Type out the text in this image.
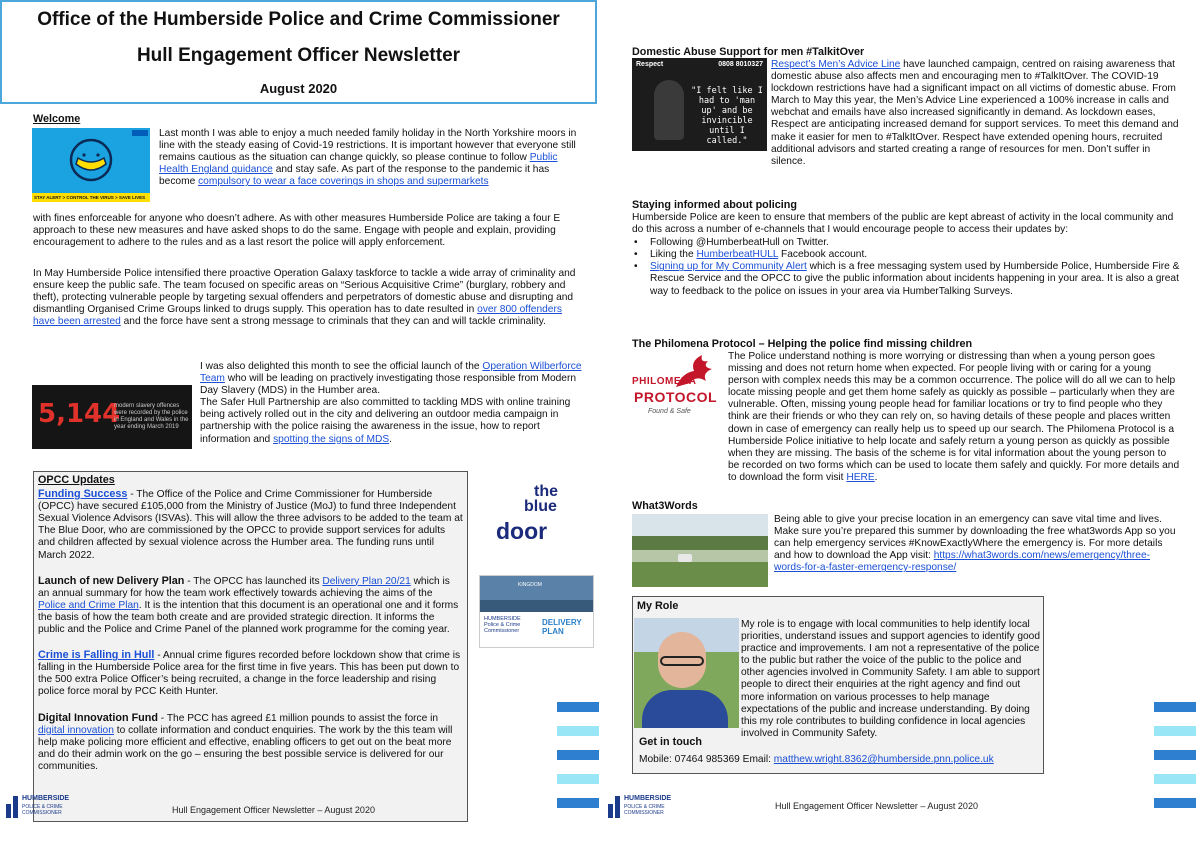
Office of the Humberside Police and Crime Commissioner
Hull Engagement Officer Newsletter
August 2020
Welcome
STAY ALERT > CONTROL THE VIRUS > SAVE LIVES

Last month I was able to enjoy a much needed family holiday in the North Yorkshire moors in line with the steady easing of Covid-19 restrictions. It is important however that everyone still remains cautious as the situation can change quickly, so please continue to follow Public Health England guidance and stay safe. As part of the response to the pandemic it has become compulsory to wear a face coverings in shops and supermarkets

with fines enforceable for anyone who doesn’t adhere. As with other measures Humberside Police are taking a four E approach to these new measures and have asked shops to do the same. Engage with people and explain, providing encouragement to adhere to the rules and as a last resort the police will apply enforcement.

In May Humberside Police intensified there proactive Operation Galaxy taskforce to tackle a wide array of criminality and ensure keep the public safe. The team focused on specific areas on “Serious Acquisitive Crime” (burglary, robbery and theft), protecting vulnerable people by targeting sexual offenders and perpetrators of domestic abuse and disrupting and dismantling Organised Crime Groups linked to drugs supply. This operation has to date resulted in over 800 offenders have been arrested and the force have sent a strong message to criminals that they can and will tackle criminality.

5,144
modern slavery offences were recorded by the police in England and Wales in the year ending March 2019

I was also delighted this month to see the official launch of the Operation Wilberforce Team who will be leading on practively investigating those responsible from Modern Day Slavery (MDS) in the Humber area.

The Safer Hull Partnership are also committed to tackling MDS with online training being actively rolled out in the city and delivering an outdoor media campaign in partnership with the police raising the awareness in the issue, how to report information and spotting the signs of MDS.

OPCC Updates

Funding Success - The Office of the Police and Crime Commissioner for Humberside (OPCC) have secured £105,000 from the Ministry of Justice (MoJ) to fund three Independent Sexual Violence Advisors (ISVAs). This will allow the three advisors to be added to the team at The Blue Door, who are commissioned by the OPCC to provide support services for adults and children affected by sexual violence across the Humber area. The funding runs until March 2022.

Launch of new Delivery Plan - The OPCC has launched its Delivery Plan 20/21 which is an annual summary for how the team work effectively towards achieving the aims of the Police and Crime Plan. It is the intention that this document is an operational one and it forms the basis of how the team both create and are provided strategic direction. It informs the public and the Police and Crime Panel of the planned work programme for the coming year.

Crime is Falling in Hull - Annual crime figures recorded before lockdown show that crime is falling in the Humberside Police area for the first time in five years. This has been put down to the 500 extra Police Officer’s being recruited, a change in the force leadership and rising police force moral by PCC Keith Hunter.

Digital Innovation Fund - The PCC has agreed £1 million pounds to assist the force in digital innovation to collate information and conduct enquiries. The work by the this team will help make policing more efficient and effective, enabling officers to get out on the beat more and do their admin work on the go – ensuring the best possible service is delivered for our communities.

the
blue
door
KINGDOM
HUMBERSIDE Police & Crime Commissioner
DELIVERY
PLAN
HUMBERSIDE
POLICE & CRIME
COMMISSIONER	Hull Engagement Officer Newsletter – August 2020
Domestic Abuse Support for men #TalkitOver
Respect	0808 8010327
"I felt like I had to 'man up' and be invincible until I called."

Respect’s Men’s Advice Line have launched campaign, centred on raising awareness that domestic abuse also affects men and encouraging men to #TalkItOver. The COVID-19 lockdown restrictions have had a significant impact on all victims of domestic abuse. From March to May this year, the Men’s Advice Line experienced a 100% increase in calls and webchat and emails have also increased significantly in demand. As lockdown eases, Respect are anticipating increased demand for support services. To meet this demand and make it easier for men to #TalkItOver. Respect have extended opening hours, recruited additional advisors and started creating a range of resources for men. Don’t suffer in silence.

Staying informed about policing

Humberside Police are keen to ensure that members of the public are kept abreast of activity in the local community and do this across a number of e-channels that I would encourage people to access their updates by:

• Following @HumberbeatHull on Twitter.
• Liking the HumberbeatHULL Facebook account.
• Signing up for My Community Alert which is a free messaging system used by Humberside Police, Humberside Fire & Rescue Service and the OPCC to give the public information about incidents happening in your area. It is also a great way to feedback to the police on issues in your area via HumberTalking Surveys.
The Philomena Protocol – Helping the police find missing children
PHILOMENA
PROTOCOL
Found & Safe

The Police understand nothing is more worrying or distressing than when a young person goes missing and does not return home when expected. For people living with or caring for a young person with complex needs this may be a common occurrence. The police will do all we can to help locate missing people and get them home safely as quickly as possible – particularly when they are vulnerable. Often, missing young people head for familiar locations or try to find people who they think are their friends or who they can rely on, so having details of these people and places written down in case of emergency can really help us to speed up our search. The Philomena Protocol is a Humberside Police initiative to help locate and safely return a young person as quickly as possible when they are missing. The basis of the scheme is for vital information about the young person to be recorded on two forms which can be used to locate them safely and quickly. For more details and to download the form visit HERE.

What3Words

Being able to give your precise location in an emergency can save vital time and lives. Make sure you’re prepared this summer by downloading the free what3words App so you can help emergency services #KnowExactlyWhere the emergency is. For more details and how to download the App visit: https://what3words.com/news/emergency/three-words-for-a-faster-emergency-response/

My Role

My role is to engage with local communities to help identify local priorities, understand issues and support agencies to identify good practice and improvements. I am not a representative of the police to the public but rather the voice of the public to the police and other agencies involved in Community Safety. I am able to support people to direct their enquiries at the right agency and find out more information on various processes to help manage expectations of the public and increase understanding. By doing this my role contributes to building confidence in local agencies involved in Community Safety.

Get in touch

Mobile: 07464 985369 Email: matthew.wright.8362@humberside.pnn.police.uk

HUMBERSIDE
POLICE & CRIME
COMMISSIONER
Hull Engagement Officer Newsletter – August 2020
